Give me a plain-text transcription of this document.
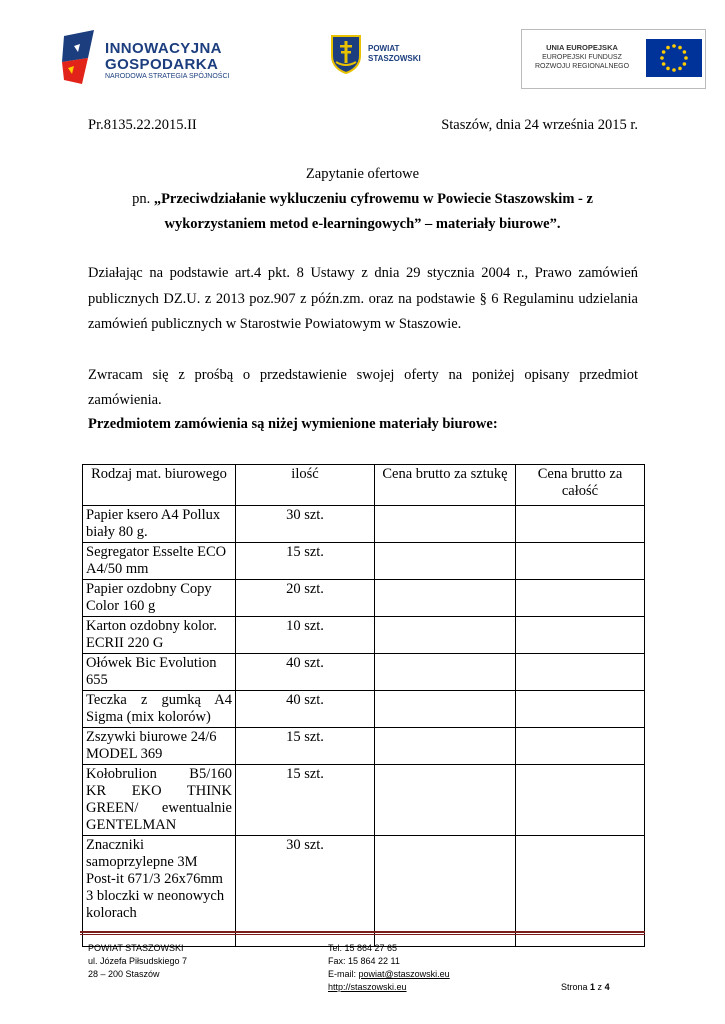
INNOWACYJNA
GOSPODARKA
NARODOWA STRATEGIA SPÓJNOŚCI
POWIAT
STASZOWSKI
UNIA EUROPEJSKA
EUROPEJSKI FUNDUSZ
ROZWOJU REGIONALNEGO
Pr.8135.22.2015.II	Staszów, dnia 24 września 2015 r.
Zapytanie ofertowe
pn. „Przeciwdziałanie wykluczeniu cyfrowemu w Powiecie Staszowskim - z
wykorzystaniem metod e-learningowych” – materiały biurowe”.
Działając na podstawie art.4 pkt. 8 Ustawy z dnia 29 stycznia 2004 r., Prawo zamówień
publicznych DZ.U. z 2013 poz.907 z późn.zm. oraz na podstawie § 6 Regulaminu udzielania
zamówień publicznych w Starostwie Powiatowym w Staszowie.
Zwracam się z prośbą o przedstawienie swojej oferty na poniżej opisany przedmiot
zamówienia.
Przedmiotem zamówienia są niżej wymienione materiały biurowe:
Rodzaj mat. biurowego	ilość	Cena brutto za sztukę	Cena brutto za całość

Papier ksero A4 Pollux
biały 80 g.	30 szt.		

Segregator Esselte ECO
A4/50 mm	15 szt.		

Papier ozdobny Copy
Color 160 g	20 szt.		

Karton ozdobny kolor.
ECRII 220 G	10 szt.		

Ołówek Bic Evolution
655	40 szt.		

Teczka z gumką A4
Sigma (mix kolorów)	40 szt.		

Zszywki biurowe 24/6
MODEL 369	15 szt.		

Kołobrulion B5/160
KR EKO THINK
GREEN/ ewentualnie
GENTELMAN	15 szt.		

Znaczniki
samoprzylepne 3M
Post-it 671/3 26x76mm
3 bloczki w neonowych
kolorach	30 szt.		
POWIAT STASZOWSKI
ul. Józefa Piłsudskiego 7
28 – 200 Staszów
Tel: 15 864 27 65
Fax: 15 864 22 11
E-mail: powiat@staszowski.eu
http://staszowski.eu	Strona 1 z 4
